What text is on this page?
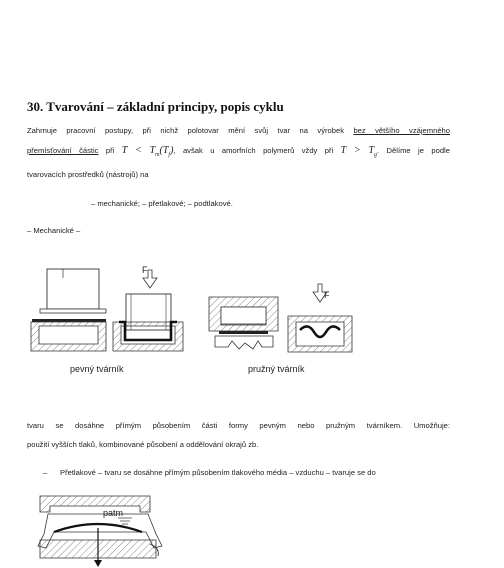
30. Tvarování – základní principy, popis cyklu
Zahrnuje pracovní postupy, při nichž polotovar mění svůj tvar na výrobek bez většího vzájemného
přemísťování částic při $T < T_m(T_f)$, avšak u amorfních polymerů vždy při $T > T_g$. Dělíme je podle
tvarovacích prostředků (nástrojů) na
– mechanické; – přetlakové; – podtlakové.
– Mechanické –
F
F
pevný tvárník	pružný tvárník
tvaru se dosáhne přímým působením části formy pevným nebo pružným tvárníkem. Umožňuje:
použití vyšších tlaků, kombinované působení a oddělování okrajů zb.
– Přetlakové – tvaru se dosáhne přímým působením tlakového média – vzduchu – tvaruje se do
patm
